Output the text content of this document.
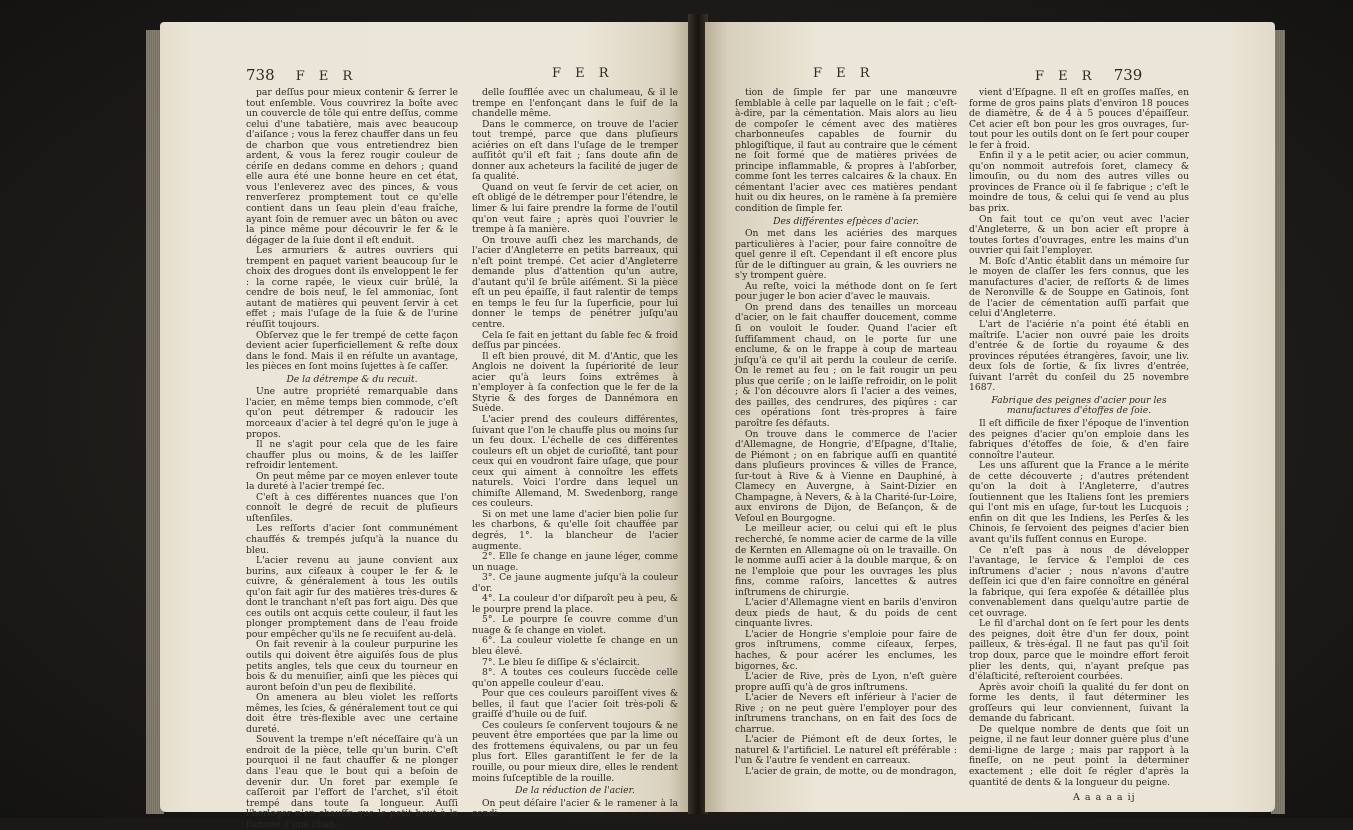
738 F E R	F E R

par deſſus pour mieux contenir & ſerrer le tout enſemble. Vous couvrirez la boîte avec un couvercle de tôle qui entre deſſus, comme celui d'une tabatière, mais avec beaucoup d'aiſance ; vous la ferez chauffer dans un feu de charbon que vous entretiendrez bien ardent, & vous la ferez rougir couleur de cériſe en dedans comme en dehors ; quand elle aura été une bonne heure en cet état, vous l'enleverez avec des pinces, & vous renverſerez promptement tout ce qu'elle contient dans un ſeau plein d'eau fraîche, ayant ſoin de remuer avec un bâton ou avec la pince même pour découvrir le fer & le dégager de la ſuie dont il eſt enduit.

Les armuriers & autres ouvriers qui trempent en paquet varient beaucoup ſur le choix des drogues dont ils enveloppent le fer : la corne rapée, le vieux cuir brûlé, la cendre de bois neuf, le ſel ammoniac, ſont autant de matières qui peuvent ſervir à cet effet ; mais l'uſage de la ſuie & de l'urine réuſſit toujours.

Obſervez que le fer trempé de cette façon devient acier ſuperficiellement & reſte doux dans le fond. Mais il en réſulte un avantage, les pièces en ſont moins ſujettes à ſe caſſer.

De la détrempe & du recuit.

Une autre propriété remarquable dans l'acier, en même temps bien commode, c'eſt qu'on peut détremper & radoucir les morceaux d'acier à tel degré qu'on le juge à propos.

Il ne s'agit pour cela que de les faire chauffer plus ou moins, & de les laiſſer refroidir lentement.

On peut même par ce moyen enlever toute la dureté à l'acier trempé ſec.

C'eſt à ces différentes nuances que l'on connoît le degré de recuit de pluſieurs uſtenſiles.

Les reſſorts d'acier ſont communément chauffés & trempés juſqu'à la nuance du bleu.

L'acier revenu au jaune convient aux burins, aux ciſeaux à couper le fer & le cuivre, & généralement à tous les outils qu'on fait agir ſur des matières très-dures & dont le tranchant n'eſt pas fort aigu. Dès que ces outils ont acquis cette couleur, il faut les plonger promptement dans de l'eau froide pour empêcher qu'ils ne ſe recuiſent au-delà.

On fait revenir à la couleur purpurine les outils qui doivent être aiguiſés ſous de plus petits angles, tels que ceux du tourneur en bois & du menuiſier, ainſi que les pièces qui auront beſoin d'un peu de flexibilité.

On amenera au bleu violet les reſſorts mêmes, les ſcies, & généralement tout ce qui doit être très-flexible avec une certaine dureté.

Souvent la trempe n'eſt néceſſaire qu'à un endroit de la pièce, telle qu'un burin. C'eſt pourquoi il ne faut chauffer & ne plonger dans l'eau que le bout qui a beſoin de devenir dur. Un foret par exemple ſe caſſeroit par l'effort de l'archet, s'il étoit trempé dans toute ſa longueur. Auſſi l'horloger n'en chauffe que le petit bout à la flamme d'une chan-

delle ſoufflée avec un chalumeau, & il le trempe en l'enfonçant dans le ſuif de la chandelle même.

Dans le commerce, on trouve de l'acier tout trempé, parce que dans pluſieurs aciéries on eſt dans l'uſage de le tremper auſſitôt qu'il eſt fait ; ſans doute afin de donner aux acheteurs la facilité de juger de ſa qualité.

Quand on veut ſe ſervir de cet acier, on eſt obligé de le détremper pour l'étendre, le limer & lui faire prendre la forme de l'outil qu'on veut faire ; après quoi l'ouvrier le trempe à ſa manière.

On trouve auſſi chez les marchands, de l'acier d'Angleterre en petits barreaux, qui n'eſt point trempé. Cet acier d'Angleterre demande plus d'attention qu'un autre, d'autant qu'il ſe brûle aiſément. Si la pièce eſt un peu épaiſſe, il faut ralentir de temps en temps le feu ſur la ſuperficie, pour lui donner le temps de pénétrer juſqu'au centre.

Cela ſe fait en jettant du ſable fec & froid deſſus par pincées.

Il eſt bien prouvé, dit M. d'Antic, que les Anglois ne doivent la ſupériorité de leur acier qu'à leurs ſoins extrêmes à n'employer à ſa confection que le fer de la Styrie & des forges de Dannémora en Suède.

L'acier prend des couleurs différentes, ſuivant que l'on le chauffe plus ou moins ſur un feu doux. L'échelle de ces différentes couleurs eſt un objet de curioſité, tant pour ceux qui en voudront faire uſage, que pour ceux qui aiment à connoître les effets naturels. Voici l'ordre dans lequel un chimiſte Allemand, M. Swedenborg, range ces couleurs.

Si on met une lame d'acier bien polie ſur les charbons, & qu'elle ſoit chauffée par degrés, 1°. la blancheur de l'acier augmente.

2°. Elle ſe change en jaune léger, comme un nuage.

3°. Ce jaune augmente juſqu'à la couleur d'or.

4°. La couleur d'or diſparoît peu à peu, & le pourpre prend la place.

5°. Le pourpre ſe couvre comme d'un nuage & ſe change en violet.

6°. La couleur violette ſe change en un bleu élevé.

7°. Le bleu ſe diſſipe & s'éclaircit.

8°. A toutes ces couleurs ſuccède celle qu'on appelle couleur d'eau.

Pour que ces couleurs paroiſſent vives & belles, il faut que l'acier ſoit très-poli & graiſſé d'huile ou de ſuif.

Ces couleurs ſe conſervent toujours & ne peuvent être emportées que par la lime ou des frottemens équivalens, ou par un feu plus fort. Elles garantiſſent le fer de la rouille, ou pour mieux dire, elles le rendent moins ſuſceptible de la rouille.

De la réduction de l'acier.

On peut déſaire l'acier & le ramener à la condi-

F E R	F E R 739

tion de ſimple fer par une manœuvre ſemblable à celle par laquelle on le fait ; c'eſt-à-dire, par la cémentation. Mais alors au lieu de compoſer le cément avec des matières charbonneuſes capables de fournir du phlogiſtique, il faut au contraire que le cément ne ſoit formé que de matières privées de principe inflammable, & propres à l'abſorber, comme ſont les terres calcaires & la chaux. En cémentant l'acier avec ces matières pendant huit ou dix heures, on le ramène à ſa première condition de ſimple fer.

Des différentes eſpèces d'acier.

On met dans les aciéries des marques particulières à l'acier, pour faire connoître de quel genre il eſt. Cependant il eſt encore plus ſûr de le diſtinguer au grain, & les ouvriers ne s'y trompent guère.

Au reſte, voici la méthode dont on ſe ſert pour juger le bon acier d'avec le mauvais.

On prend dans des tenailles un morceau d'acier, on le fait chauffer doucement, comme ſi on vouloit le ſouder. Quand l'acier eſt ſuffiſamment chaud, on le porte ſur une enclume, & on le frappe à coup de marteau juſqu'à ce qu'il ait perdu la couleur de ceriſe. On le remet au feu ; on le fait rougir un peu plus que ceriſe ; on le laiſſe refroidir, on le polit ; & l'on découvre alors ſi l'acier a des veines, des pailles, des cendrures, des piqûres : car ces opérations ſont très-propres à faire paroître ſes défauts.

On trouve dans le commerce de l'acier d'Allemagne, de Hongrie, d'Eſpagne, d'Italie, de Piémont ; on en fabrique auſſi en quantité dans pluſieurs provinces & villes de France, ſur-tout à Rive & à Vienne en Dauphiné, à Clamecy en Auvergne, à Saint-Dizier en Champagne, à Nevers, & à la Charité-ſur-Loire, aux environs de Dijon, de Beſançon, & de Veſoul en Bourgogne.

Le meilleur acier, ou celui qui eſt le plus recherché, ſe nomme acier de carme de la ville de Kernten en Allemagne où on le travaille. On le nomme auſſi acier à la double marque, & on ne l'emploie que pour les ouvrages les plus fins, comme raſoirs, lancettes & autres inſtrumens de chirurgie.

L'acier d'Allemagne vient en barils d'environ deux pieds de haut, & du poids de cent cinquante livres.

L'acier de Hongrie s'emploie pour faire de gros inſtrumens, comme ciſeaux, ſerpes, haches, & pour acérer les enclumes, les bigornes, &c.

L'acier de Rive, près de Lyon, n'eſt guère propre auſſi qu'à de gros inſtrumens.

L'acier de Nevers eſt inférieur à l'acier de Rive ; on ne peut guère l'employer pour des inſtrumens tranchans, on en fait des ſocs de charrue.

L'acier de Piémont eſt de deux ſortes, le naturel & l'artificiel. Le naturel eſt préférable : l'un & l'autre ſe vendent en carreaux.

L'acier de grain, de motte, ou de mondragon,

vient d'Eſpagne. Il eſt en groſſes maſſes, en forme de gros pains plats d'environ 18 pouces de diamètre, & de 4 à 5 pouces d'épaiſſeur. Cet acier eſt bon pour les gros ouvrages, ſur-tout pour les outils dont on ſe ſert pour couper le fer à froid.

Enfin il y a le petit acier, ou acier commun, qu'on nommoit autrefois ſoret, clamecy & limouſin, ou du nom des autres villes ou provinces de France où il ſe fabrique ; c'eſt le moindre de tous, & celui qui ſe vend au plus bas prix.

On fait tout ce qu'on veut avec l'acier d'Angleterre, & un bon acier eſt propre à toutes ſortes d'ouvrages, entre les mains d'un ouvrier qui ſait l'employer.

M. Boſc d'Antic établit dans un mémoire ſur le moyen de claſſer les fers connus, que les manufactures d'acier, de reſſorts & de limes de Neronville & de Souppe en Gatinois, ſont de l'acier de cémentation auſſi parfait que celui d'Angleterre.

L'art de l'aciérie n'a point été établi en maîtriſe. L'acier non ouvré paie les droits d'entrée & de ſortie du royaume & des provinces réputées étrangères, ſavoir, une liv. deux ſols de ſortie, & ſix livres d'entrée, ſuivant l'arrêt du conſeil du 25 novembre 1687.

Fabrique des peignes d'acier pour les manufactures d'étoffes de ſoie.

Il eſt difficile de fixer l'époque de l'invention des peignes d'acier qu'on emploie dans les fabriques d'étoffes de ſoie, & d'en faire connoître l'auteur.

Les uns aſſurent que la France a le mérite de cette découverte ; d'autres prétendent qu'on la doit à l'Angleterre, d'autres ſoutiennent que les Italiens ſont les premiers qui l'ont mis en uſage, ſur-tout les Lucquois ; enfin on dit que les Indiens, les Perſes & les Chinois, ſe ſervoient des peignes d'acier bien avant qu'ils fuſſent connus en Europe.

Ce n'eſt pas à nous de développer l'avantage, le ſervice & l'emploi de ces inſtrumens d'acier ; nous n'avons d'autre deſſein ici que d'en faire connoître en général la fabrique, qui ſera expoſée & détaillée plus convenablement dans quelqu'autre partie de cet ouvrage.

Le fil d'archal dont on ſe ſert pour les dents des peignes, doit être d'un fer doux, point pailleux, & très-égal. Il ne faut pas qu'il ſoit trop doux, parce que le moindre effort feroit plier les dents, qui, n'ayant preſque pas d'élaſticité, reſteroient courbées.

Après avoir choiſi la qualité du fer dont on forme les dents, il faut déterminer les groſſeurs qui leur conviennent, ſuivant la demande du fabricant.

De quelque nombre de dents que ſoit un peigne, il ne faut leur donner guère plus d'une demi-ligne de large ; mais par rapport à la fineſſe, on ne peut point la déterminer exactement ; elle doit ſe régler d'après la quantité de dents & la longueur du peigne.

A a a a a ij
